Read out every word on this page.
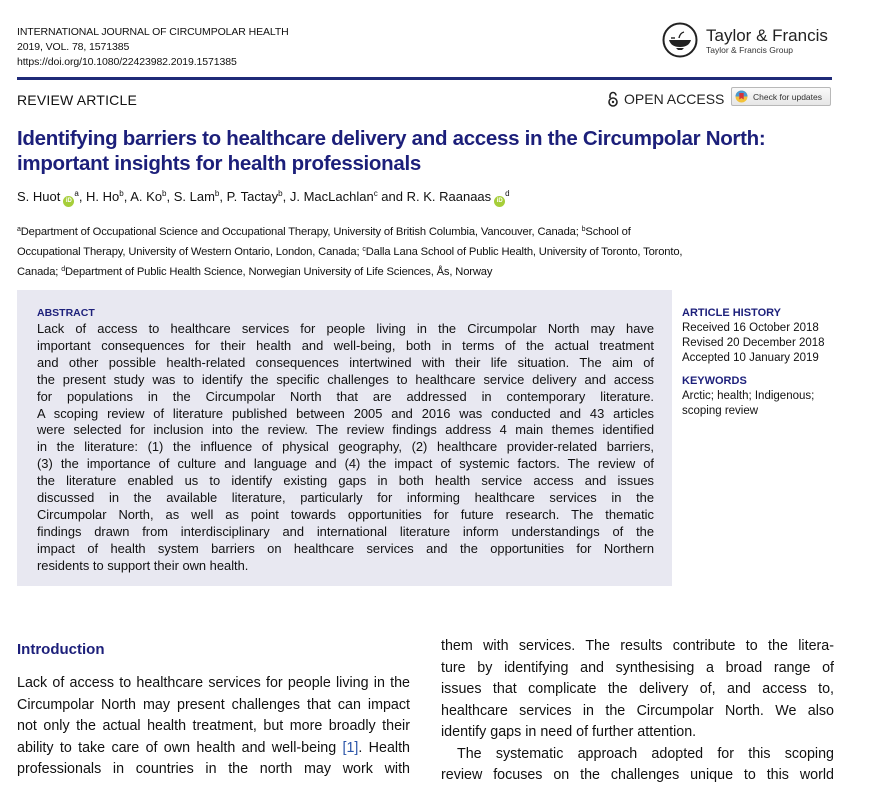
INTERNATIONAL JOURNAL OF CIRCUMPOLAR HEALTH
2019, VOL. 78, 1571385
https://doi.org/10.1080/22423982.2019.1571385
Taylor & Francis
Taylor & Francis Group
REVIEW ARTICLE	OPEN ACCESS	Check for updates
Identifying barriers to healthcare delivery and access in the Circumpolar North:
important insights for health professionals
S. Huot $iD^a$, H. Ho$^b$, A. Ko$^b$, S. Lam$^b$, P. Tactay$^b$, J. MacLachlan$^c$ and R. K. Raanaas $iD^d$
$^a$Department of Occupational Science and Occupational Therapy, University of British Columbia, Vancouver, Canada; $^b$School of
Occupational Therapy, University of Western Ontario, London, Canada; $^c$Dalla Lana School of Public Health, University of Toronto, Toronto,
Canada; $^d$Department of Public Health Science, Norwegian University of Life Sciences, Ås, Norway
ABSTRACT
Lack of access to healthcare services for people living in the Circumpolar North may have
important consequences for their health and well-being, both in terms of the actual treatment
and other possible health-related consequences intertwined with their life situation. The aim of
the present study was to identify the specific challenges to healthcare service delivery and access
for populations in the Circumpolar North that are addressed in contemporary literature.
A scoping review of literature published between 2005 and 2016 was conducted and 43 articles
were selected for inclusion into the review. The review findings address 4 main themes identified
in the literature: (1) the influence of physical geography, (2) healthcare provider-related barriers,
(3) the importance of culture and language and (4) the impact of systemic factors. The review of
the literature enabled us to identify existing gaps in both health service access and issues
discussed in the available literature, particularly for informing healthcare services in the
Circumpolar North, as well as point towards opportunities for future research. The thematic
findings drawn from interdisciplinary and international literature inform understandings of the
impact of health system barriers on healthcare services and the opportunities for Northern
residents to support their own health.
ARTICLE HISTORY
Received 16 October 2018
Revised 20 December 2018
Accepted 10 January 2019
KEYWORDS
Arctic; health; Indigenous;
scoping review
Introduction
Lack of access to healthcare services for people living in the
Circumpolar North may present challenges that can impact
not only the actual health treatment, but more broadly their
ability to take care of own health and well-being [1]. Health
professionals in countries in the north may work with
them with services. The results contribute to the litera-
ture by identifying and synthesising a broad range of
issues that complicate the delivery of, and access to,
healthcare services in the Circumpolar North. We also
identify gaps in need of further attention.
The systematic approach adopted for this scoping
review focuses on the challenges unique to this world
